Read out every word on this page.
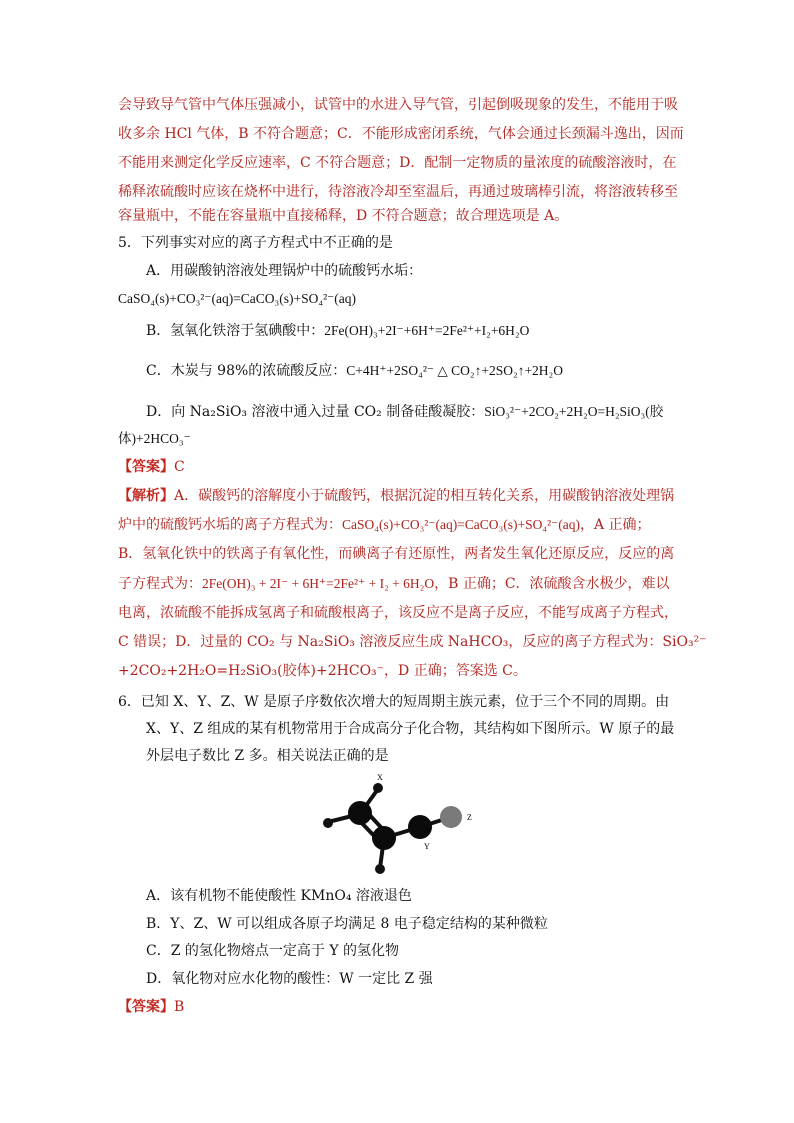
会导致导气管中气体压强减小，试管中的水进入导气管，引起倒吸现象的发生，不能用于吸
收多余 HCl 气体，B 不符合题意；C．不能形成密闭系统，气体会通过长颈漏斗逸出，因而
不能用来测定化学反应速率，C 不符合题意；D．配制一定物质的量浓度的硫酸溶液时，在
稀释浓硫酸时应该在烧杯中进行，待溶液冷却至室温后，再通过玻璃棒引流，将溶液转移至
容量瓶中，不能在容量瓶中直接稀释，D 不符合题意；故合理选项是 A。
5．下列事实对应的离子方程式中不正确的是
A．用碳酸钠溶液处理锅炉中的硫酸钙水垢：
CaSO₄(s)+CO₃²⁻(aq)=CaCO₃(s)+SO₄²⁻(aq)
B．氢氧化铁溶于氢碘酸中：2Fe(OH)₃+2I⁻+6H⁺=2Fe²⁺+I₂+6H₂O
C．木炭与 98%的浓硫酸反应：C+4H⁺+2SO₄²⁻ △ CO₂↑+2SO₂↑+2H₂O
D．向 Na₂SiO₃ 溶液中通入过量 CO₂ 制备硅酸凝胶：SiO₃²⁻+2CO₂+2H₂O=H₂SiO₃(胶
体)+2HCO₃⁻
【答案】C
【解析】A．碳酸钙的溶解度小于硫酸钙，根据沉淀的相互转化关系，用碳酸钠溶液处理锅
炉中的硫酸钙水垢的离子方程式为：CaSO₄(s)+CO₃²⁻(aq)=CaCO₃(s)+SO₄²⁻(aq)，A 正确；
B．氢氧化铁中的铁离子有氧化性，而碘离子有还原性，两者发生氧化还原反应，反应的离
子方程式为：2Fe(OH)₃ + 2I⁻ + 6H⁺=2Fe²⁺ + I₂ + 6H₂O，B 正确；C．浓硫酸含水极少，难以
电离，浓硫酸不能拆成氢离子和硫酸根离子，该反应不是离子反应，不能写成离子方程式，
C 错误；D．过量的 CO₂ 与 Na₂SiO₃ 溶液反应生成 NaHCO₃，反应的离子方程式为：SiO₃²⁻
+2CO₂+2H₂O=H₂SiO₃(胶体)+2HCO₃⁻，D 正确；答案选 C。
6．已知 X、Y、Z、W 是原子序数依次增大的短周期主族元素，位于三个不同的周期。由
X、Y、Z 组成的某有机物常用于合成高分子化合物，其结构如下图所示。W 原子的最
外层电子数比 Z 多。相关说法正确的是
X
Y
Z
A．该有机物不能使酸性 KMnO₄ 溶液退色
B．Y、Z、W 可以组成各原子均满足 8 电子稳定结构的某种微粒
C．Z 的氢化物熔点一定高于 Y 的氢化物
D．氧化物对应水化物的酸性：W 一定比 Z 强
【答案】B
